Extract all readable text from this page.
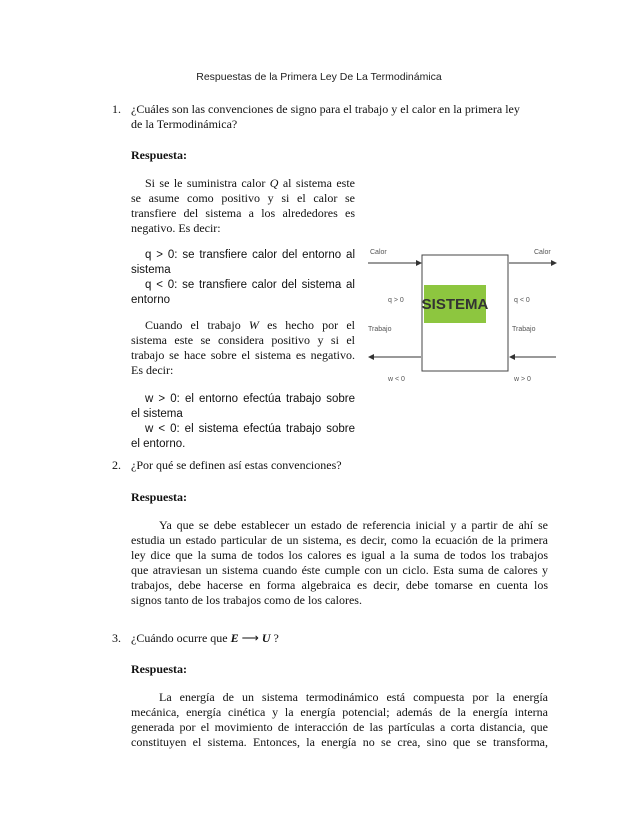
Respuestas de la Primera Ley De La Termodinámica
1. ¿Cuáles son las convenciones de signo para el trabajo y el calor en la primera ley
de la Termodinámica?
Respuesta:
Si se le suministra calor Q al sistema este
se asume como positivo y si el calor se
transfiere del sistema a los alrededores es
negativo. Es decir:
q > 0: se transfiere calor del entorno al
sistema
q < 0: se transfiere calor del sistema al
entorno
Cuando el trabajo W es hecho por el
sistema este se considera positivo y si el
trabajo se hace sobre el sistema es negativo.
Es decir:
w > 0: el entorno efectúa trabajo sobre
el sistema
w < 0: el sistema efectúa trabajo sobre
el entorno.
SISTEMA
Calor	Calor
q > 0	q < 0
Trabajo	Trabajo
w < 0	w > 0
2. ¿Por qué se definen así estas convenciones?
Respuesta:
Ya que se debe establecer un estado de referencia inicial y a partir de ahí se
estudia un estado particular de un sistema, es decir, como la ecuación de la primera
ley dice que la suma de todos los calores es igual a la suma de todos los trabajos
que atraviesan un sistema cuando éste cumple con un ciclo. Esta suma de calores y
trabajos, debe hacerse en forma algebraica es decir, debe tomarse en cuenta los
signos tanto de los trabajos como de los calores.
3. ¿Cuándo ocurre que E ⟶ U ?
Respuesta:
La energía de un sistema termodinámico está compuesta por la energía
mecánica, energía cinética y la energía potencial; además de la energía interna
generada por el movimiento de interacción de las partículas a corta distancia, que
constituyen el sistema. Entonces, la energía no se crea, sino que se transforma,
